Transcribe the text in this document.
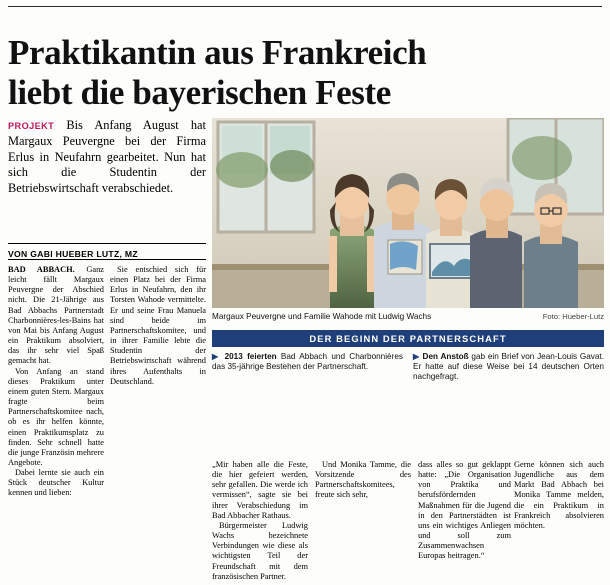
Praktikantin aus Frankreich
liebt die bayerischen Feste
PROJEKT Bis Anfang August hat Margaux Peuvergne bei der Firma Erlus in Neufahrn gearbeitet. Nun hat sich die Studentin der Betriebswirtschaft verabschiedet.
VON GABI HUEBER LUTZ, MZ
Margaux Peuvergne und Familie Wahode mit Ludwig Wachs	Foto: Hueber-Lutz
DER BEGINN DER PARTNERSCHAFT
▶ 2013 feierten Bad Abbach und Charbonnières das 35-jährige Bestehen der Partnerschaft.
▶ Den Anstoß gab ein Brief von Jean-Louis Gavat. Er hatte auf diese Weise bei 14 deutschen Orten nachgefragt.

BAD ABBACH. Ganz leicht fällt Margaux Peuvergne der Abschied nicht. Die 21-Jährige aus Bad Abbachs Partnerstadt Charbonnières-les-Bains hat von Mai bis Anfang August ein Praktikum absolviert, das ihr sehr viel Spaß gemacht hat.

Von Anfang an stand dieses Praktikum unter einem guten Stern. Margaux fragte beim Partnerschaftskomitee nach, ob es ihr helfen könnte, einen Praktikumsplatz zu finden. Sehr schnell hatte die junge Französin mehrere Angebote.

Dabei lernte sie auch ein Stück deutscher Kultur kennen und lieben:

Sie entschied sich für einen Platz bei der Firma Erlus in Neufahrn, den ihr Torsten Wahode vermittelte. Er und seine Frau Manuela sind beide im Partnerschaftskomitee, und in ihrer Familie lebte die Studentin der Betriebswirtschaft während ihres Aufenthalts in Deutschland.

„Mir haben alle die Feste, die hier gefeiert werden, sehr gefallen. Die werde ich vermissen“, sagte sie bei ihrer Verabschiedung im Bad Abbacher Rathaus.

Bürgermeister Ludwig Wachs bezeichnete Verbindungen wie diese als wichtigsten Teil der Freundschaft mit dem französischen Partner.

Und Monika Tamme, die Vorsitzende des Partnerschaftskomitees, freute sich sehr,

dass alles so gut geklappt hatte: „Die Organisation von Praktika und berufsfördernden Maßnahmen für die Jugend in den Partnerstädten ist uns ein wichtiges Anliegen und soll zum Zusammenwachsen Europas beitragen.“

Gerne können sich auch Jugendliche aus dem Markt Bad Abbach bei Monika Tamme melden, die ein Praktikum in Frankreich absolvieren möchten.
